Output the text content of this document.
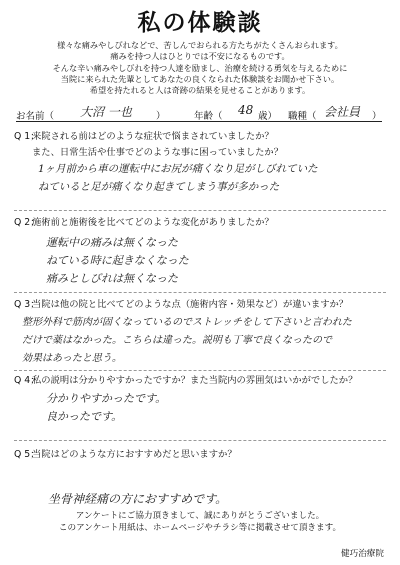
私の体験談
様々な痛みやしびれなどで、苦しんでおられる方たちがたくさんおられます。
痛みを持つ人はひとりでは不安になるものです。
そんな辛い痛みやしびれを持つ人達を励まし、治療を続ける勇気を与えるために
当院に来られた先輩としてあなたの良くなられた体験談をお聞かせ下さい。
希望を持たれると人は奇跡の結果を見せることがあります。
お名前（ 大沼 一也	）	年齢（ 48 歳） 職種（ 会社員 ）
Q 1；来院される前はどのような症状で悩まされていましたか？
また、日常生活や仕事でどのような事に困っていましたか？
1ヶ月前から車の運転中にお尻が痛くなり足がしびれていた
ねていると足が痛くなり起きてしまう事が多かった
Q 2；施術前と施術後を比べてどのような変化がありましたか？
運転中の痛みは無くなった
ねている時に起きなくなった
痛みとしびれは無くなった
Q 3；当院は他の院と比べてどのような点（施術内容・効果など）が違いますか？
整形外科で筋肉が固くなっているのでストレッチをして下さいと言われた
だけで薬はなかった。こちらは違った。説明も丁寧で良くなったので
効果はあったと思う。
Q 4；私の説明は分かりやすかったですか？また当院内の雰囲気はいかがでしたか？
分かりやすかったです。
良かったです。
Q 5；当院はどのような方におすすめだと思いますか？
坐骨神経痛の方におすすめです。
アンケートにご協力頂きまして、誠にありがとうございました。
このアンケート用紙は、ホームページやチラシ等に掲載させて頂きます。
健巧治療院
